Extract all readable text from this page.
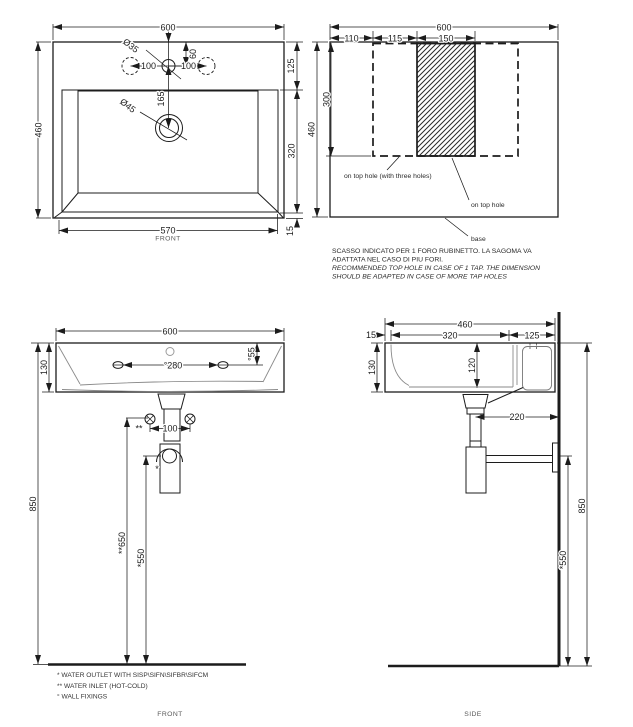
600
460
125
320
15
570
60
165
100	100
Ø35
Ø45
FRONT
600
110	115	150
460
300
on top hole (with three holes)
on top hole
base
SCASSO INDICATO PER 1 FORO RUBINETTO. LA SAGOMA VA
ADATTATA NEL CASO DI PIU FORI.
RECOMMENDED TOP HOLE IN CASE OF 1 TAP. THE DIMENSION
SHOULD BE ADAPTED IN CASE OF MORE TAP HOLES
600
130
850
°280
°55
** 100
*
**650
*550
FRONT
* WATER OUTLET WITH SISP\SIFN\SIFBR\SIFCM
** WATER INLET (HOT-COLD)
° WALL FIXINGS
460
15	320	125
130	120
220
*550
850
SIDE
